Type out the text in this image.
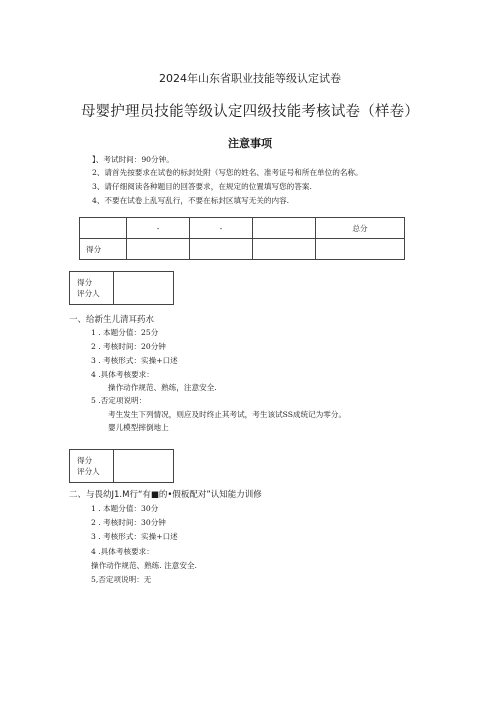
2024年山东省职业技能等级认定试卷
母婴护理员技能等级认定四级技能考核试卷（样卷）
注意事项
】、考试时间：90分钟。
2、请首先按要求在试卷的标封处附（写您的姓名、准考证号和所在单位的名称。
3、请仔细阅读各种题目的回答要求，在规定的位置填写您的答案.
4、不要在试卷上乱写乱行，不要在标封区填写无关的内容.
	-	-		总分
得分				
得分
评分人
一、给新生儿清耳药水
1 . 本题分值：25分
2 . 考核时间：20分钟
3 . 考核形式：实操+口述
4 .具体考核要求：
操作动作规范、熟练，注意安全.
5 .否定项说明：
考生发生下列情况，则应及时终止其考试，考生该试SS成统记为零分。
婴儿模型摔倒地上
得分
评分人
二、与畏幼J1.M行“有■的•假板配对”认知能力训修
1 . 本题分值：30分
2 . 考核时间：30分钟
3 . 考核形式：实操+口述
4 .具体考核要求：
操作动作规范、熟练. 注意安全.
5,否定项说明：无
